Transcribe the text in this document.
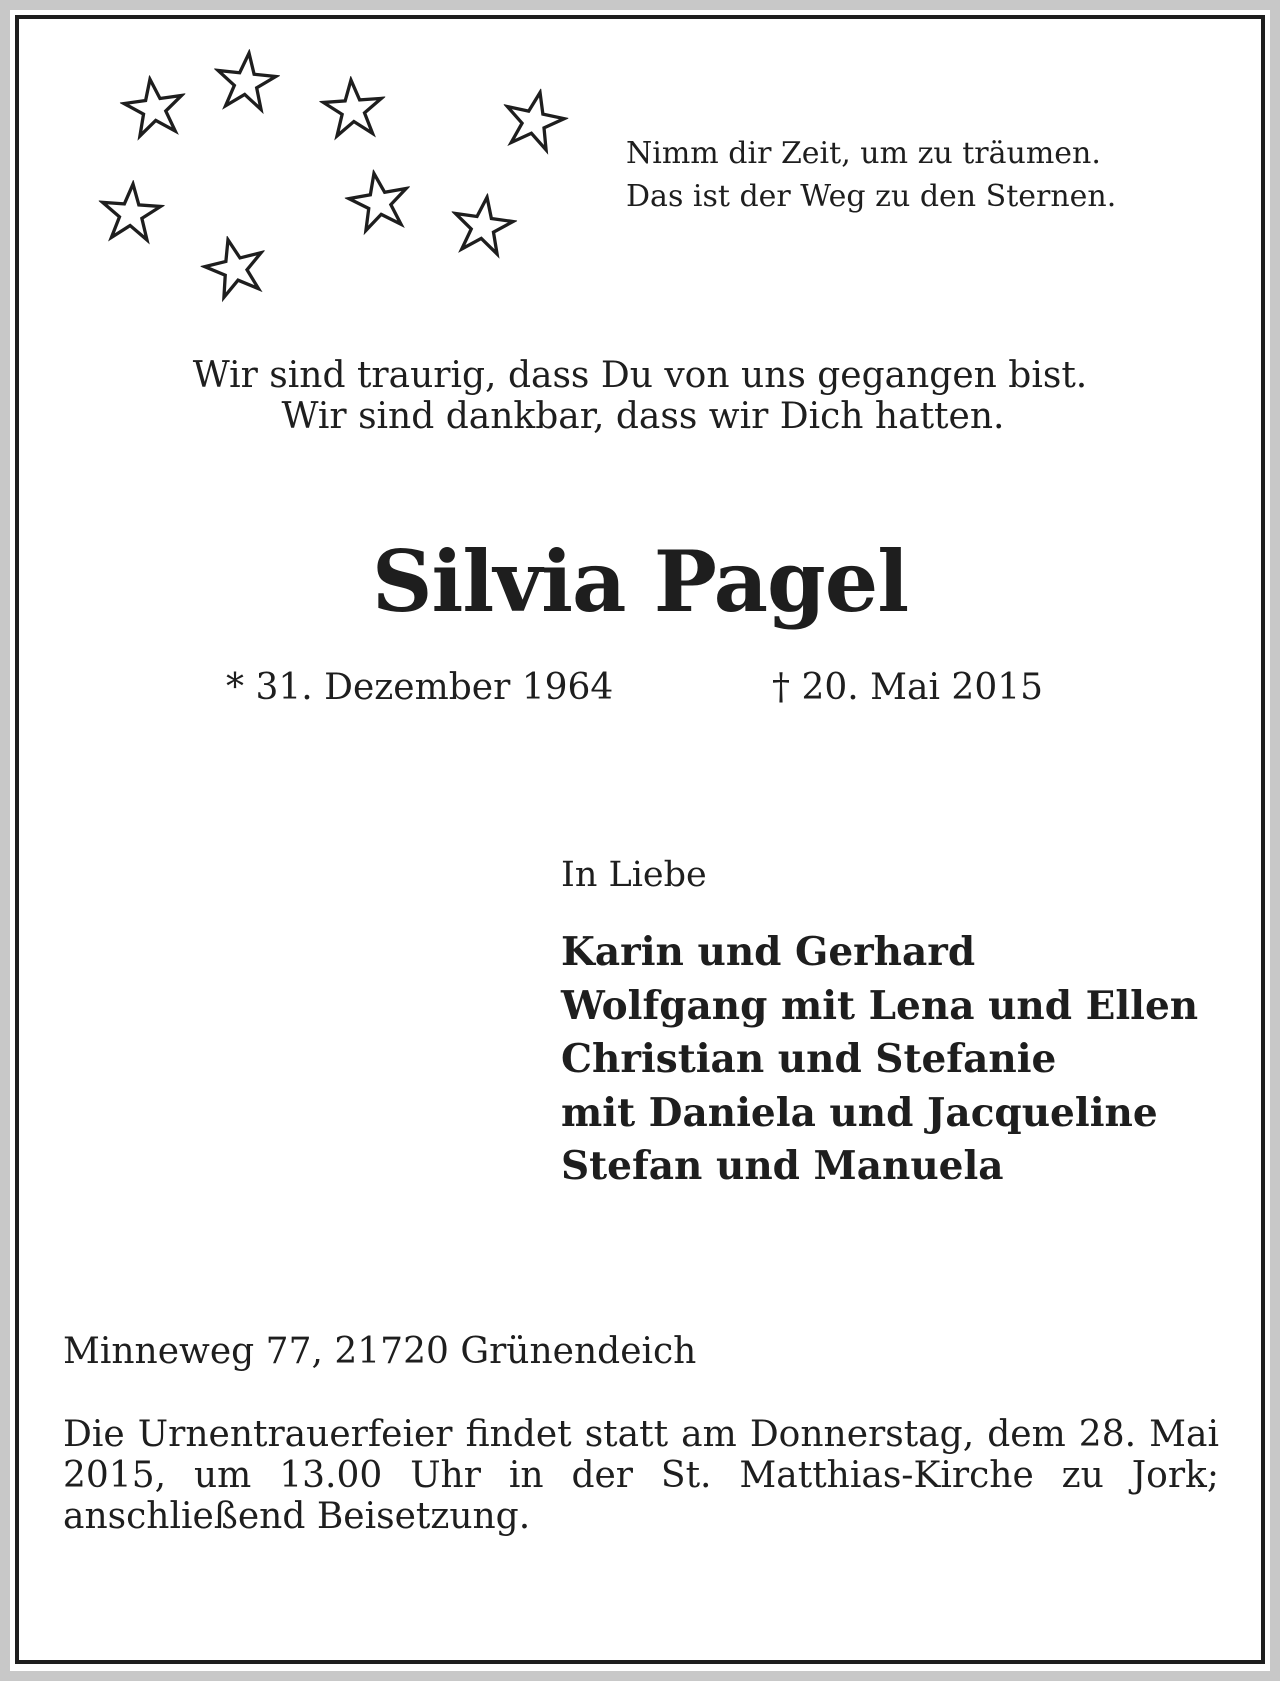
Nimm dir Zeit, um zu träumen.
Das ist der Weg zu den Sternen.
Wir sind traurig, dass Du von uns gegangen bist.
Wir sind dankbar, dass wir Dich hatten.
Silvia Pagel
* 31. Dezember 1964	† 20. Mai 2015
In Liebe
Karin und Gerhard
Wolfgang mit Lena und Ellen
Christian und Stefanie
mit Daniela und Jacqueline
Stefan und Manuela
Minneweg 77, 21720 Grünendeich
Die Urnentrauerfeier findet statt am Donnerstag, dem 28. Mai 2015, um 13.00 Uhr in der St. Matthias-Kirche zu Jork; anschließend Beisetzung.
